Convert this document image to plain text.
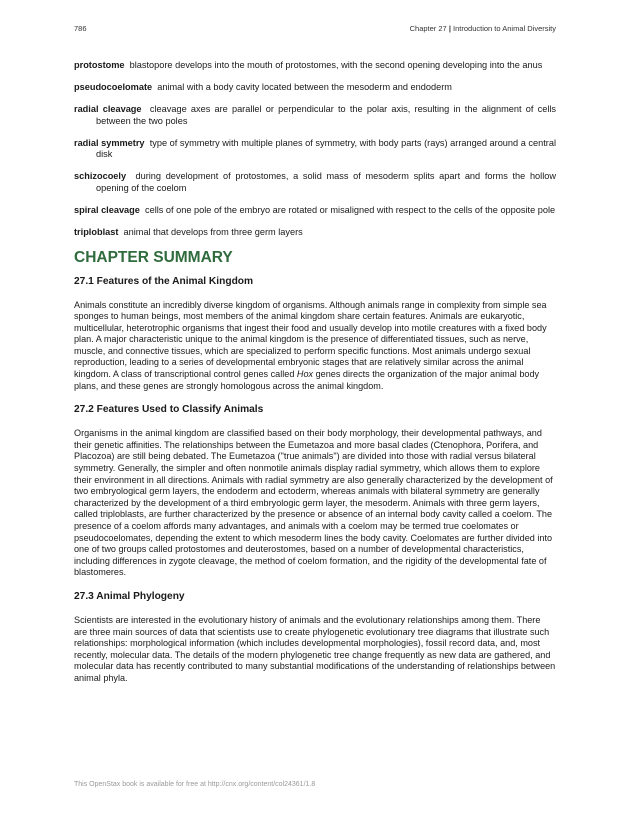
786	Chapter 27 | Introduction to Animal Diversity

protostome blastopore develops into the mouth of protostomes, with the second opening developing into the anus

pseudocoelomate animal with a body cavity located between the mesoderm and endoderm

radial cleavage cleavage axes are parallel or perpendicular to the polar axis, resulting in the alignment of cells between the two poles

radial symmetry type of symmetry with multiple planes of symmetry, with body parts (rays) arranged around a central disk

schizocoely during development of protostomes, a solid mass of mesoderm splits apart and forms the hollow opening of the coelom

spiral cleavage cells of one pole of the embryo are rotated or misaligned with respect to the cells of the opposite pole

triploblast animal that develops from three germ layers

CHAPTER SUMMARY
27.1 Features of the Animal Kingdom

Animals constitute an incredibly diverse kingdom of organisms. Although animals range in complexity from simple sea sponges to human beings, most members of the animal kingdom share certain features. Animals are eukaryotic, multicellular, heterotrophic organisms that ingest their food and usually develop into motile creatures with a fixed body plan. A major characteristic unique to the animal kingdom is the presence of differentiated tissues, such as nerve, muscle, and connective tissues, which are specialized to perform specific functions. Most animals undergo sexual reproduction, leading to a series of developmental embryonic stages that are relatively similar across the animal kingdom. A class of transcriptional control genes called Hox genes directs the organization of the major animal body plans, and these genes are strongly homologous across the animal kingdom.

27.2 Features Used to Classify Animals

Organisms in the animal kingdom are classified based on their body morphology, their developmental pathways, and their genetic affinities. The relationships between the Eumetazoa and more basal clades (Ctenophora, Porifera, and Placozoa) are still being debated. The Eumetazoa ("true animals") are divided into those with radial versus bilateral symmetry. Generally, the simpler and often nonmotile animals display radial symmetry, which allows them to explore their environment in all directions. Animals with radial symmetry are also generally characterized by the development of two embryological germ layers, the endoderm and ectoderm, whereas animals with bilateral symmetry are generally characterized by the development of a third embryologic germ layer, the mesoderm. Animals with three germ layers, called triploblasts, are further characterized by the presence or absence of an internal body cavity called a coelom. The presence of a coelom affords many advantages, and animals with a coelom may be termed true coelomates or pseudocoelomates, depending the extent to which mesoderm lines the body cavity. Coelomates are further divided into one of two groups called protostomes and deuterostomes, based on a number of developmental characteristics, including differences in zygote cleavage, the method of coelom formation, and the rigidity of the developmental fate of blastomeres.

27.3 Animal Phylogeny

Scientists are interested in the evolutionary history of animals and the evolutionary relationships among them. There are three main sources of data that scientists use to create phylogenetic evolutionary tree diagrams that illustrate such relationships: morphological information (which includes developmental morphologies), fossil record data, and, most recently, molecular data. The details of the modern phylogenetic tree change frequently as new data are gathered, and molecular data has recently contributed to many substantial modifications of the understanding of relationships between animal phyla.

This OpenStax book is available for free at http://cnx.org/content/col24361/1.8
